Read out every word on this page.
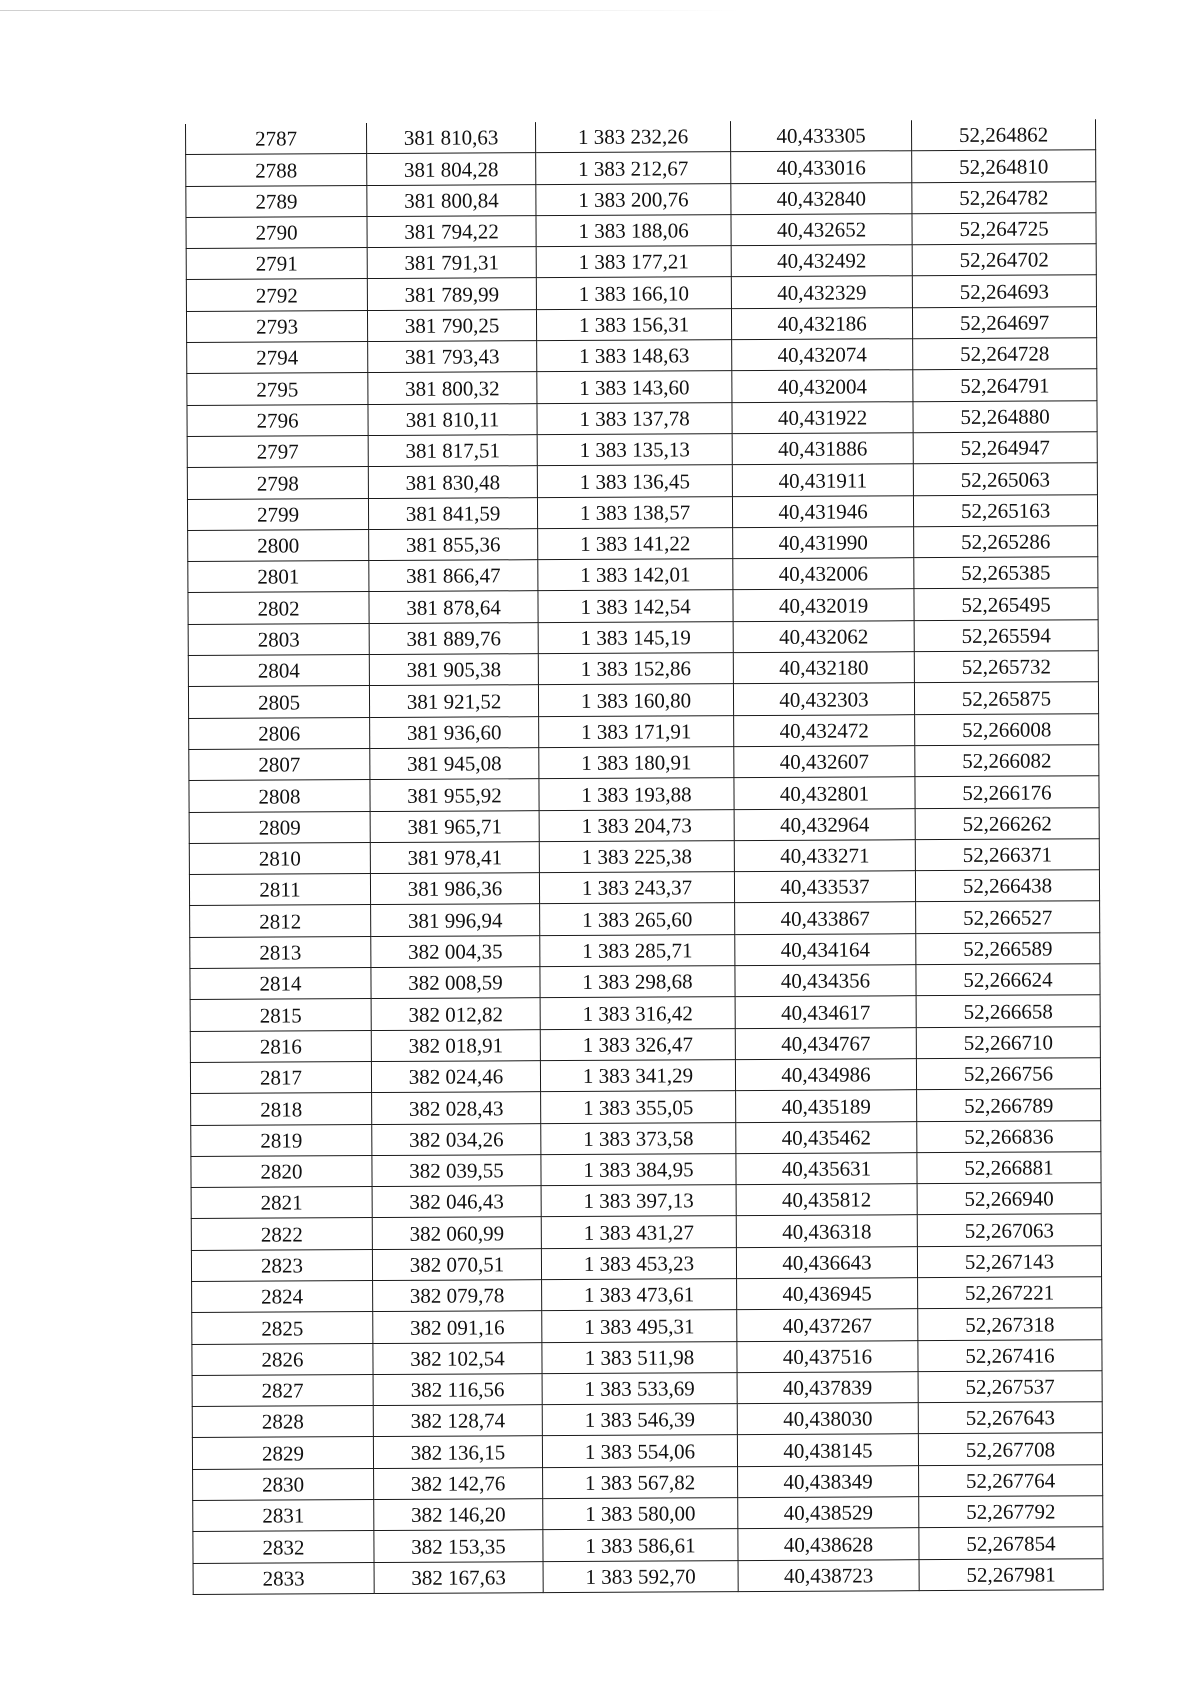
2787	381 810,63	1 383 232,26	40,433305	52,264862
2788	381 804,28	1 383 212,67	40,433016	52,264810
2789	381 800,84	1 383 200,76	40,432840	52,264782
2790	381 794,22	1 383 188,06	40,432652	52,264725
2791	381 791,31	1 383 177,21	40,432492	52,264702
2792	381 789,99	1 383 166,10	40,432329	52,264693
2793	381 790,25	1 383 156,31	40,432186	52,264697
2794	381 793,43	1 383 148,63	40,432074	52,264728
2795	381 800,32	1 383 143,60	40,432004	52,264791
2796	381 810,11	1 383 137,78	40,431922	52,264880
2797	381 817,51	1 383 135,13	40,431886	52,264947
2798	381 830,48	1 383 136,45	40,431911	52,265063
2799	381 841,59	1 383 138,57	40,431946	52,265163
2800	381 855,36	1 383 141,22	40,431990	52,265286
2801	381 866,47	1 383 142,01	40,432006	52,265385
2802	381 878,64	1 383 142,54	40,432019	52,265495
2803	381 889,76	1 383 145,19	40,432062	52,265594
2804	381 905,38	1 383 152,86	40,432180	52,265732
2805	381 921,52	1 383 160,80	40,432303	52,265875
2806	381 936,60	1 383 171,91	40,432472	52,266008
2807	381 945,08	1 383 180,91	40,432607	52,266082
2808	381 955,92	1 383 193,88	40,432801	52,266176
2809	381 965,71	1 383 204,73	40,432964	52,266262
2810	381 978,41	1 383 225,38	40,433271	52,266371
2811	381 986,36	1 383 243,37	40,433537	52,266438
2812	381 996,94	1 383 265,60	40,433867	52,266527
2813	382 004,35	1 383 285,71	40,434164	52,266589
2814	382 008,59	1 383 298,68	40,434356	52,266624
2815	382 012,82	1 383 316,42	40,434617	52,266658
2816	382 018,91	1 383 326,47	40,434767	52,266710
2817	382 024,46	1 383 341,29	40,434986	52,266756
2818	382 028,43	1 383 355,05	40,435189	52,266789
2819	382 034,26	1 383 373,58	40,435462	52,266836
2820	382 039,55	1 383 384,95	40,435631	52,266881
2821	382 046,43	1 383 397,13	40,435812	52,266940
2822	382 060,99	1 383 431,27	40,436318	52,267063
2823	382 070,51	1 383 453,23	40,436643	52,267143
2824	382 079,78	1 383 473,61	40,436945	52,267221
2825	382 091,16	1 383 495,31	40,437267	52,267318
2826	382 102,54	1 383 511,98	40,437516	52,267416
2827	382 116,56	1 383 533,69	40,437839	52,267537
2828	382 128,74	1 383 546,39	40,438030	52,267643
2829	382 136,15	1 383 554,06	40,438145	52,267708
2830	382 142,76	1 383 567,82	40,438349	52,267764
2831	382 146,20	1 383 580,00	40,438529	52,267792
2832	382 153,35	1 383 586,61	40,438628	52,267854
2833	382 167,63	1 383 592,70	40,438723	52,267981
